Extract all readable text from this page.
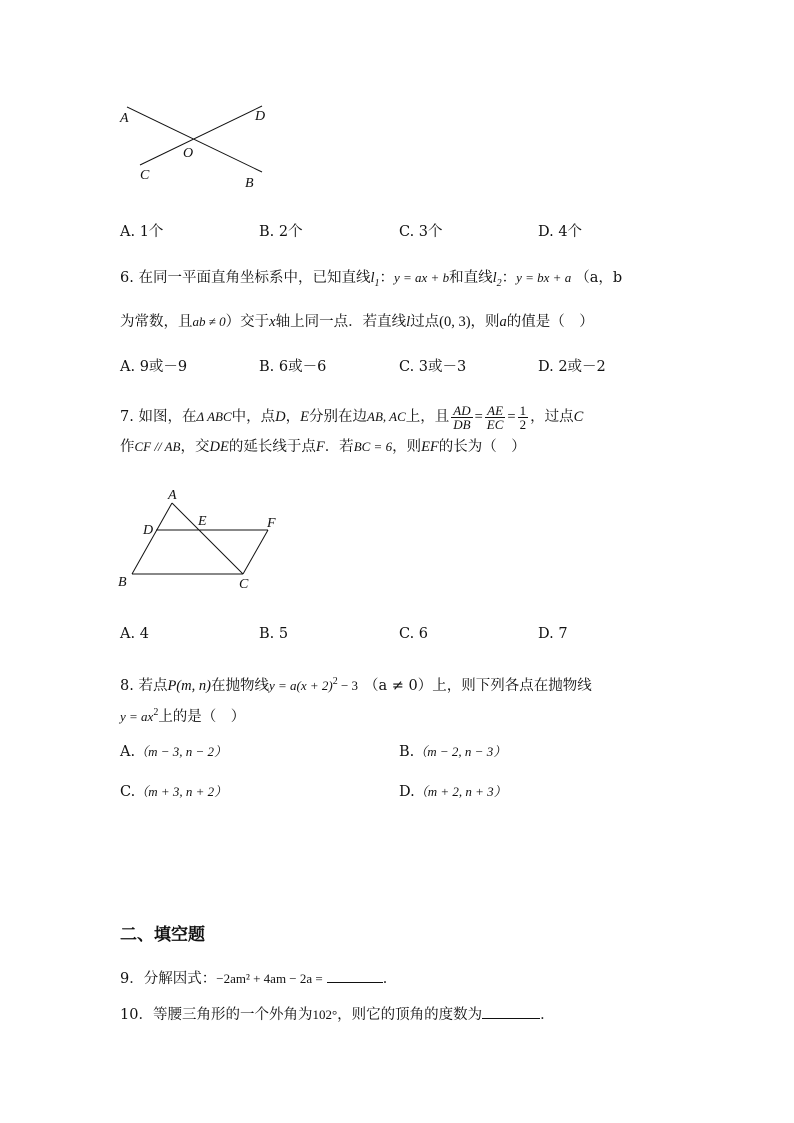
A	D
O
C
B
A. 1个	B. 2个	C. 3个	D. 4个
6. 在同一平面直角坐标系中，已知直线$l_1$：y = ax + b和直线$l_2$：y = bx + a （a，b
为常数，且ab ≠ 0）交于x轴上同一点．若直线l过点(0, 3)，则a的值是（　）
A. 9或－9	B. 6或－6	C. 3或－3	D. 2或－2
7. 如图，在Δ ABC中，点D，E分别在边AB, AC上，且 $\frac{AD}{DB} = \frac{AE}{EC} = \frac{1}{2}$ ，过点C
作CF // AB，交DE的延长线于点F．若BC = 6，则EF的长为（　）
A
D
E	F
B	C
A. 4	B. 5	C. 6	D. 7
8. 若点P(m, n)在抛物线$y = a(x + 2)^2 - 3$ （a ≠ 0）上，则下列各点在抛物线
$y = ax^2$上的是（　）
A.（m − 3, n − 2）	B.（m − 2, n − 3）
C.（m + 3, n + 2）	D.（m + 2, n + 3）
二、填空题
9．分解因式：−2am² + 4am − 2a =	．
10．等腰三角形的一个外角为102°，则它的顶角的度数为	．
